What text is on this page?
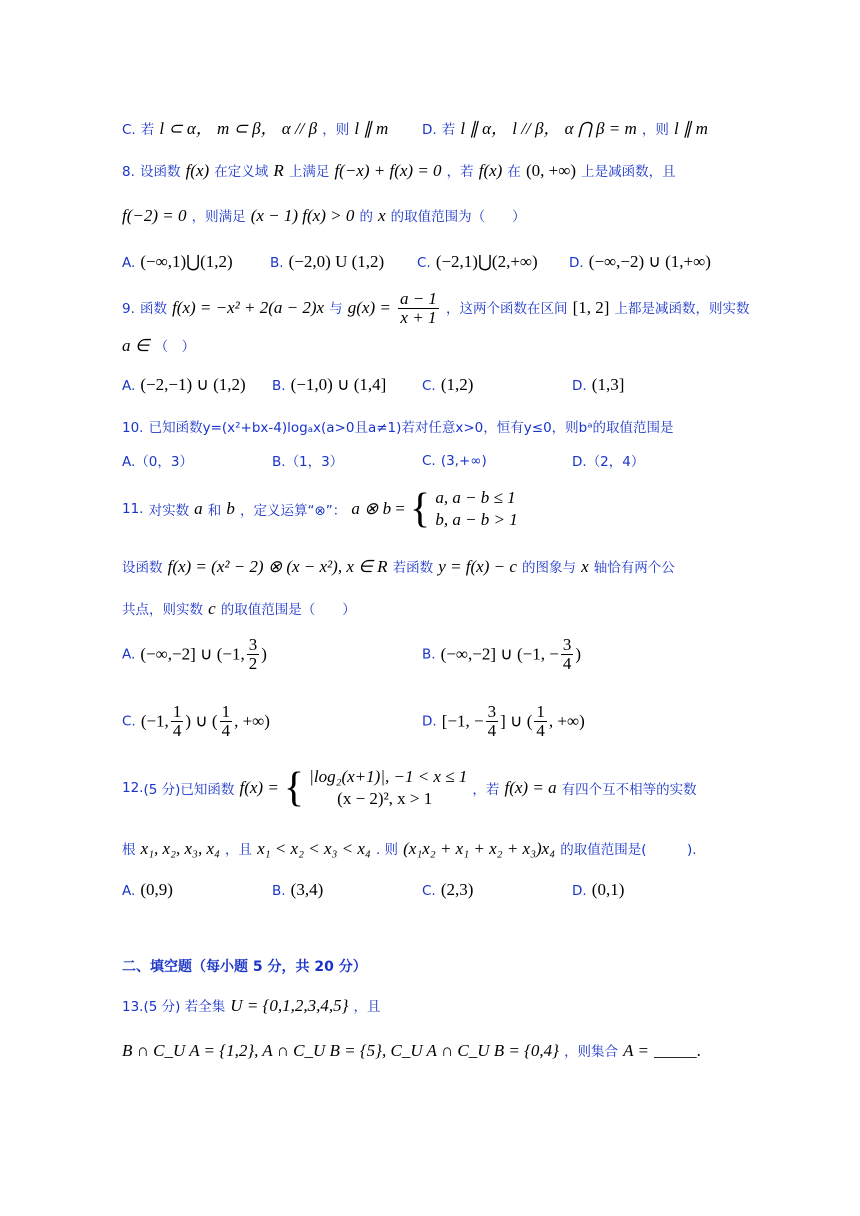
C. 若 l ⊂ α， m ⊂ β， α // β ，则 l ∥ m D. 若 l ∥ α， l // β， α ⋂ β = m ，则 l ∥ m
8. 设函数 f(x) 在定义域 R 上满足 f(−x) + f(x) = 0 ，若 f(x) 在 (0, +∞) 上是减函数，且
f(−2) = 0 ，则满足 (x − 1) f(x) > 0 的 x 的取值范围为（　　）
A. (−∞,1)⋃(1,2)	B. (−2,0) U (1,2) C. (−2,1)⋃(2,+∞) D. (−∞,−2) ∪ (1,+∞)
9. 函数 f(x) = −x² + 2(a − 2)x 与 $g(x) = \frac{a - 1}{x + 1}$ ，这两个函数在区间 [1, 2] 上都是减函数，则实数
a ∈ （　）
A. (−2,−1) ∪ (1,2) B. (−1,0) ∪ (1,4]	C. (1,2)	D. (1,3]
10. 已知函数y=(x²+bx-4)logₐx(a>0且a≠1)若对任意x>0，恒有y≤0，则bᵃ的取值范围是
A.（0，3）	B.（1，3）	C. (3,+∞)	D.（2，4）
11. 对实数 a 和 b ，定义运算“⊗”： a ⊗ b = { a, a − b ≤ 1
b, a − b > 1
设函数 f(x) = (x² − 2) ⊗ (x − x²), x ∈ R 若函数 y = f(x) − c 的图象与 x 轴恰有两个公
共点，则实数 c 的取值范围是（　　）
A. (−∞,−2] ∪ (−1, $\frac{3}{2}$ )	B. (−∞,−2] ∪ (−1, − $\frac{3}{4}$ )
C. (−1, $\frac{1}{4}$ ) ∪ ( $\frac{1}{4}$ , +∞)	D. [−1, − $\frac{3}{4}$ ] ∪ ( $\frac{1}{4}$ , +∞)
12.(5 分)已知函数 f(x) = { |log₂(x+1)|, −1 < x ≤ 1
(x − 2)², x > 1	，若 f(x) = a 有四个互不相等的实数
根 x₁, x₂, x₃, x₄ ，且 x₁ < x₂ < x₃ < x₄ . 则 (x₁x₂ + x₁ + x₂ + x₃)x₄ 的取值范围是(　　　).
A. (0,9)	B. (3,4)	C. (2,3)	D. (0,1)
二、填空题（每小题 5 分，共 20 分）
13.(5 分) 若全集 U = {0,1,2,3,4,5} ，且
B ∩ C_U A = {1,2}, A ∩ C_U B = {5}, C_U A ∩ C_U B = {0,4} ，则集合 A = _____.
